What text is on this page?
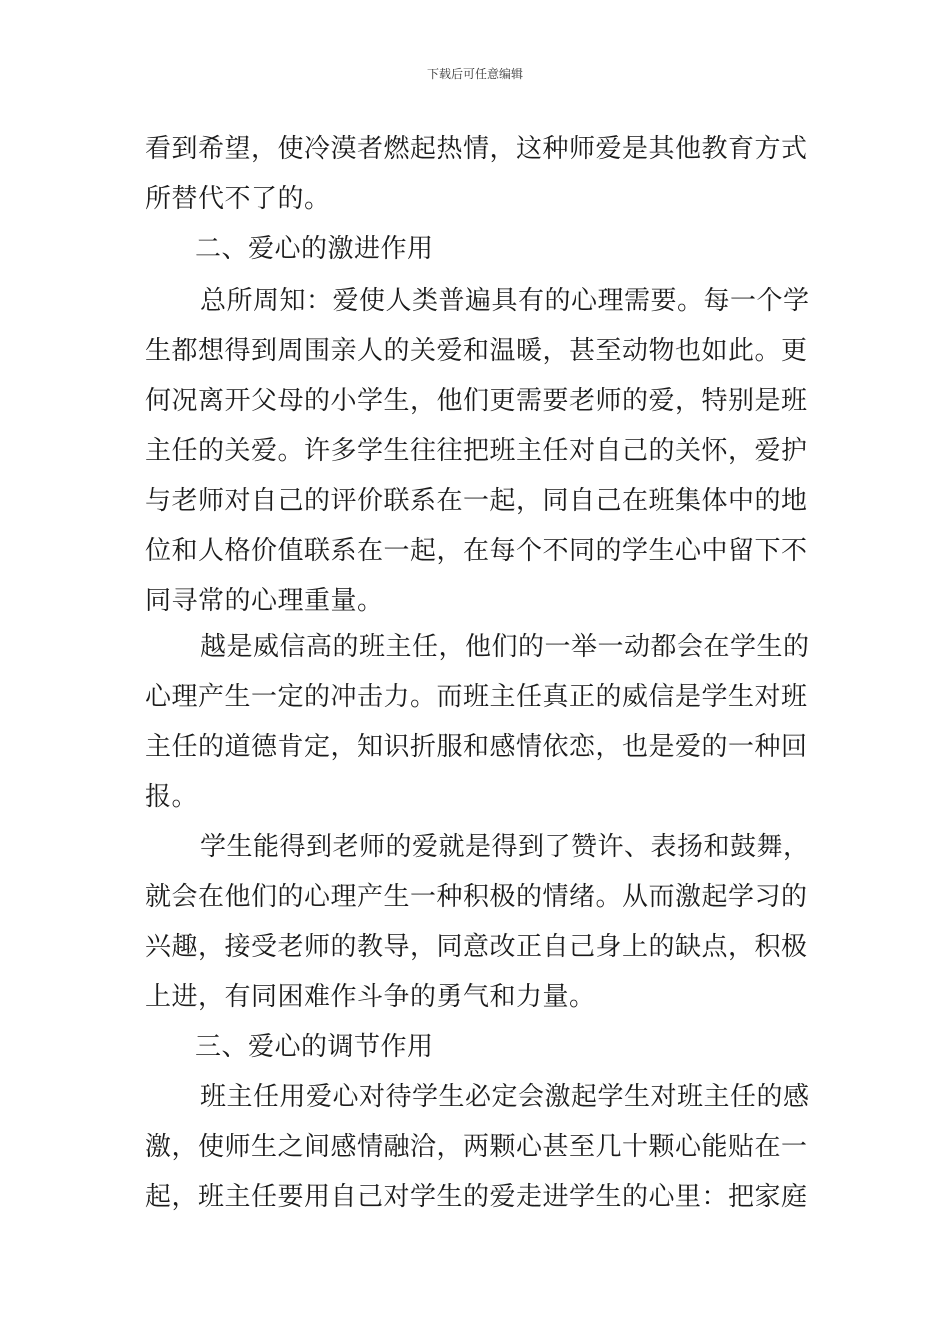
下载后可任意编辑
看到希望，使冷漠者燃起热情，这种师爱是其他教育方式
所替代不了的。
二、爱心的激进作用
总所周知：爱使人类普遍具有的心理需要。每一个学
生都想得到周围亲人的关爱和温暖，甚至动物也如此。更
何况离开父母的小学生，他们更需要老师的爱，特别是班
主任的关爱。许多学生往往把班主任对自己的关怀，爱护
与老师对自己的评价联系在一起，同自己在班集体中的地
位和人格价值联系在一起，在每个不同的学生心中留下不
同寻常的心理重量。
越是威信高的班主任，他们的一举一动都会在学生的
心理产生一定的冲击力。而班主任真正的威信是学生对班
主任的道德肯定，知识折服和感情依恋，也是爱的一种回
报。
学生能得到老师的爱就是得到了赞许、表扬和鼓舞，
就会在他们的心理产生一种积极的情绪。从而激起学习的
兴趣，接受老师的教导，同意改正自己身上的缺点，积极
上进，有同困难作斗争的勇气和力量。
三、爱心的调节作用
班主任用爱心对待学生必定会激起学生对班主任的感
激，使师生之间感情融洽，两颗心甚至几十颗心能贴在一
起，班主任要用自己对学生的爱走进学生的心里：把家庭
